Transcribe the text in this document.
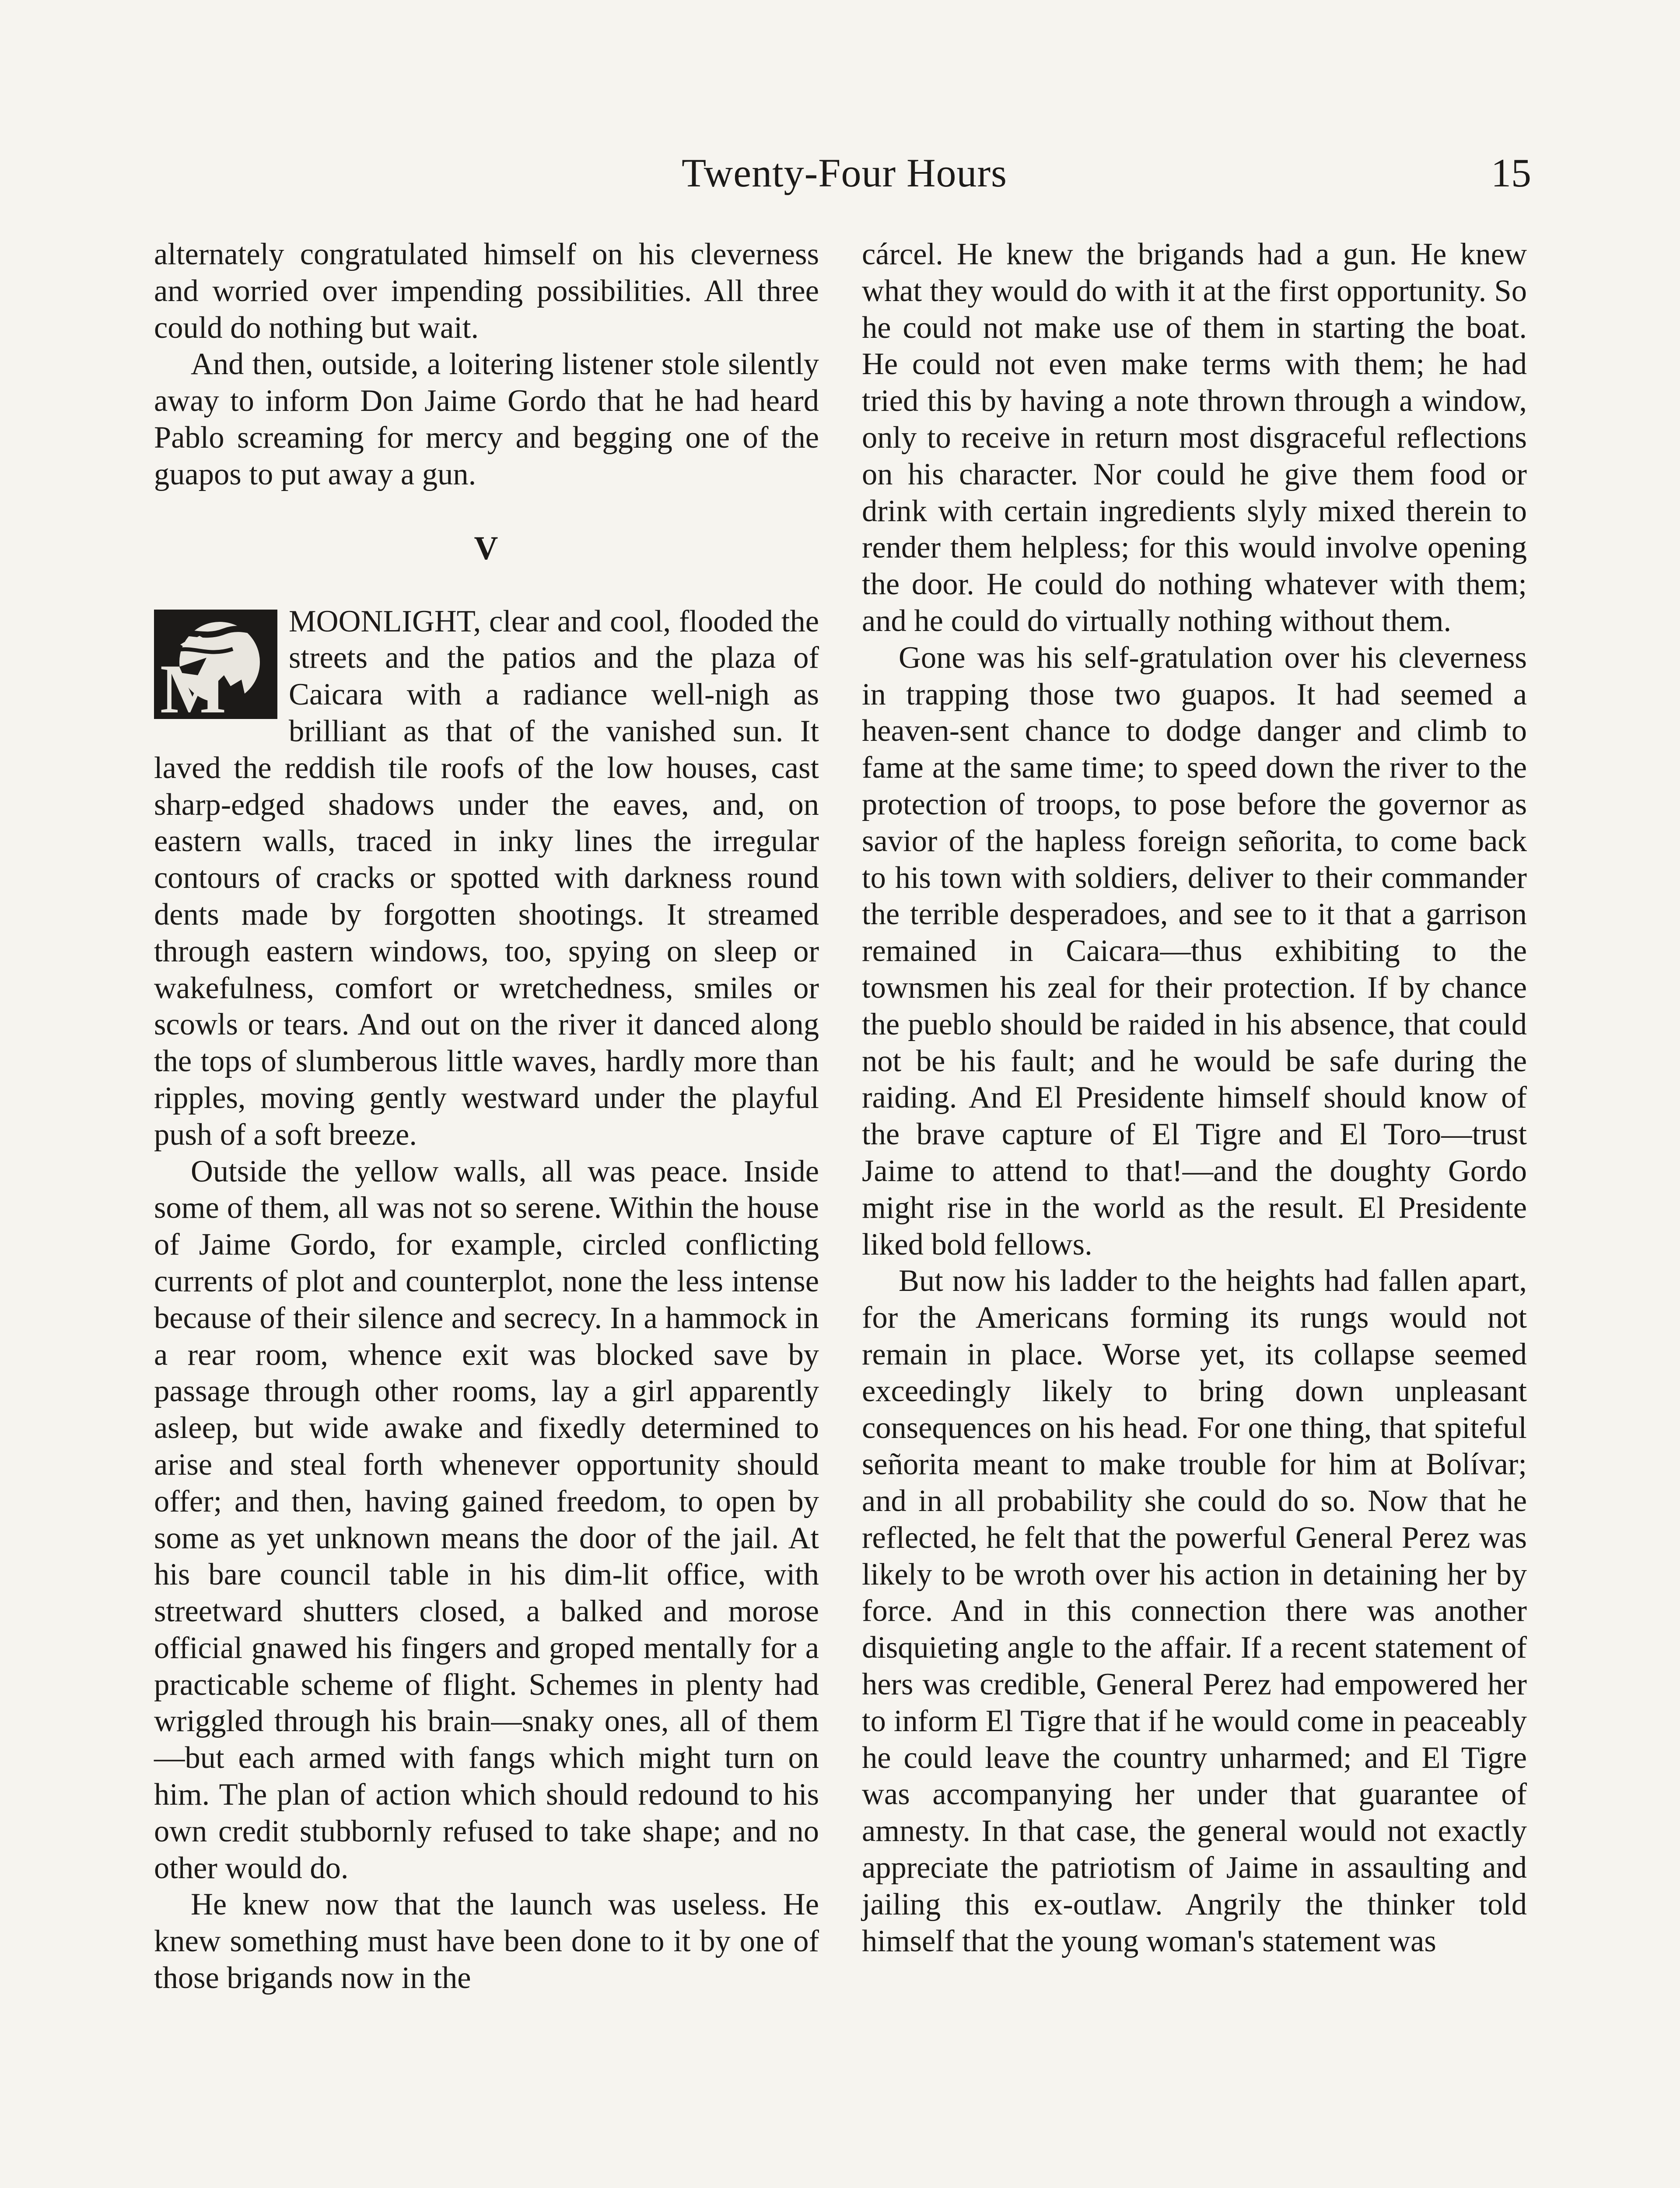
Twenty-Four Hours	15

alternately congratulated himself on his cleverness and worried over impending possibilities. All three could do nothing but wait.

And then, outside, a loitering listener stole silently away to inform Don Jaime Gordo that he had heard Pablo screaming for mercy and begging one of the guapos to put away a gun.

V

M
MOONLIGHT, clear and cool, flooded the streets and the patios and the plaza of Caicara with a radiance well-nigh as brilliant as that of the vanished sun. It laved the reddish tile roofs of the low houses, cast sharp-edged shadows under the eaves, and, on eastern walls, traced in inky lines the irregular contours of cracks or spotted with darkness round dents made by forgotten shootings. It streamed through eastern windows, too, spying on sleep or wakefulness, comfort or wretchedness, smiles or scowls or tears. And out on the river it danced along the tops of slumberous little waves, hardly more than ripples, moving gently westward under the playful push of a soft breeze.

Outside the yellow walls, all was peace. Inside some of them, all was not so serene. Within the house of Jaime Gordo, for example, circled conflicting currents of plot and counterplot, none the less intense because of their silence and secrecy. In a hammock in a rear room, whence exit was blocked save by passage through other rooms, lay a girl apparently asleep, but wide awake and fixedly determined to arise and steal forth whenever opportunity should offer; and then, having gained freedom, to open by some as yet unknown means the door of the jail. At his bare council table in his dim-lit office, with streetward shutters closed, a balked and morose official gnawed his fingers and groped mentally for a practicable scheme of flight. Schemes in plenty had wriggled through his brain—snaky ones, all of them—but each armed with fangs which might turn on him. The plan of action which should redound to his own credit stubbornly refused to take shape; and no other would do.

He knew now that the launch was useless. He knew something must have been done to it by one of those brigands now in the

cárcel. He knew the brigands had a gun. He knew what they would do with it at the first opportunity. So he could not make use of them in starting the boat. He could not even make terms with them; he had tried this by having a note thrown through a window, only to receive in return most disgraceful reflections on his character. Nor could he give them food or drink with certain ingredients slyly mixed therein to render them helpless; for this would involve opening the door. He could do nothing whatever with them; and he could do virtually nothing without them.

Gone was his self-gratulation over his cleverness in trapping those two guapos. It had seemed a heaven-sent chance to dodge danger and climb to fame at the same time; to speed down the river to the protection of troops, to pose before the governor as savior of the hapless foreign señorita, to come back to his town with soldiers, deliver to their commander the terrible desperadoes, and see to it that a garrison remained in Caicara—thus exhibiting to the townsmen his zeal for their protection. If by chance the pueblo should be raided in his absence, that could not be his fault; and he would be safe during the raiding. And El Presidente himself should know of the brave capture of El Tigre and El Toro—trust Jaime to attend to that!—and the doughty Gordo might rise in the world as the result. El Presidente liked bold fellows.

But now his ladder to the heights had fallen apart, for the Americans forming its rungs would not remain in place. Worse yet, its collapse seemed exceedingly likely to bring down unpleasant consequences on his head. For one thing, that spiteful señorita meant to make trouble for him at Bolívar; and in all probability she could do so. Now that he reflected, he felt that the powerful General Perez was likely to be wroth over his action in detaining her by force. And in this connection there was another disquieting angle to the affair. If a recent statement of hers was credible, General Perez had empowered her to inform El Tigre that if he would come in peaceably he could leave the country unharmed; and El Tigre was accompanying her under that guarantee of amnesty. In that case, the general would not exactly appreciate the patriotism of Jaime in assaulting and jailing this ex-outlaw. Angrily the thinker told himself that the young woman's statement was
